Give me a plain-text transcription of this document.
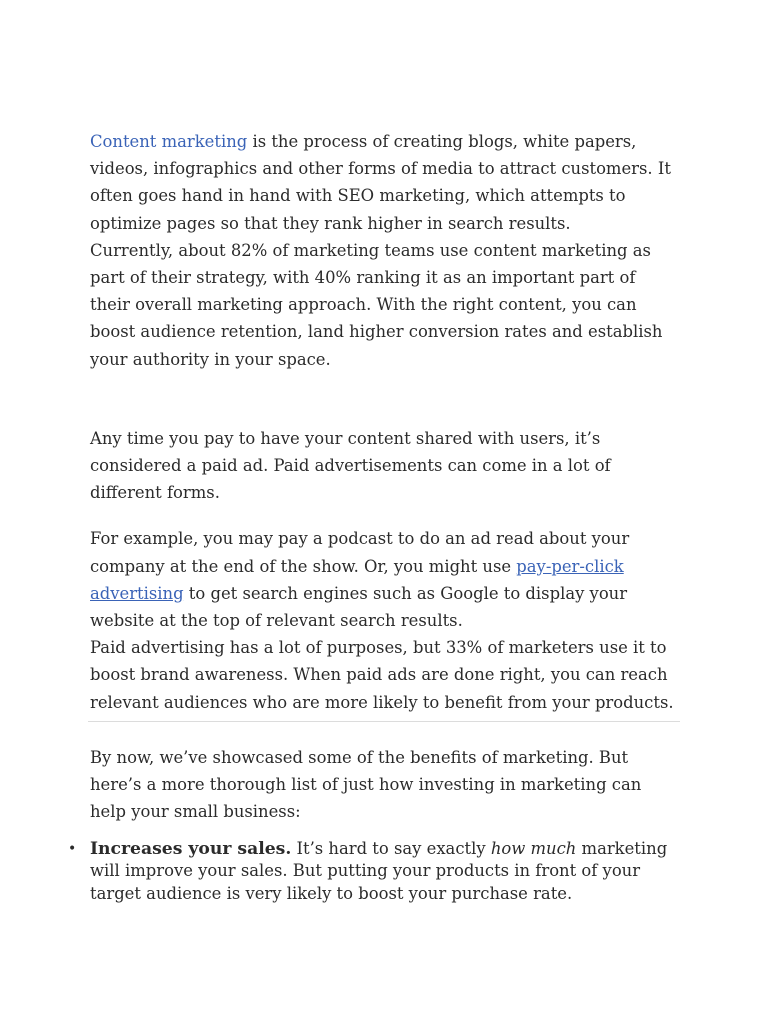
Content marketing is the process of creating blogs, white papers, videos, infographics and other forms of media to attract customers. It often goes hand in hand with SEO marketing, which attempts to optimize pages so that they rank higher in search results.

Currently, about 82% of marketing teams use content marketing as part of their strategy, with 40% ranking it as an important part of their overall marketing approach. With the right content, you can boost audience retention, land higher conversion rates and establish your authority in your space.

Any time you pay to have your content shared with users, it’s considered a paid ad. Paid advertisements can come in a lot of different forms.

For example, you may pay a podcast to do an ad read about your company at the end of the show. Or, you might use pay-per-click advertising to get search engines such as Google to display your website at the top of relevant search results.

Paid advertising has a lot of purposes, but 33% of marketers use it to boost brand awareness. When paid ads are done right, you can reach relevant audiences who are more likely to benefit from your products.

By now, we’ve showcased some of the benefits of marketing. But here’s a more thorough list of just how investing in marketing can help your small business:

• Increases your sales. It’s hard to say exactly how much marketing will improve your sales. But putting your products in front of your target audience is very likely to boost your purchase rate.
